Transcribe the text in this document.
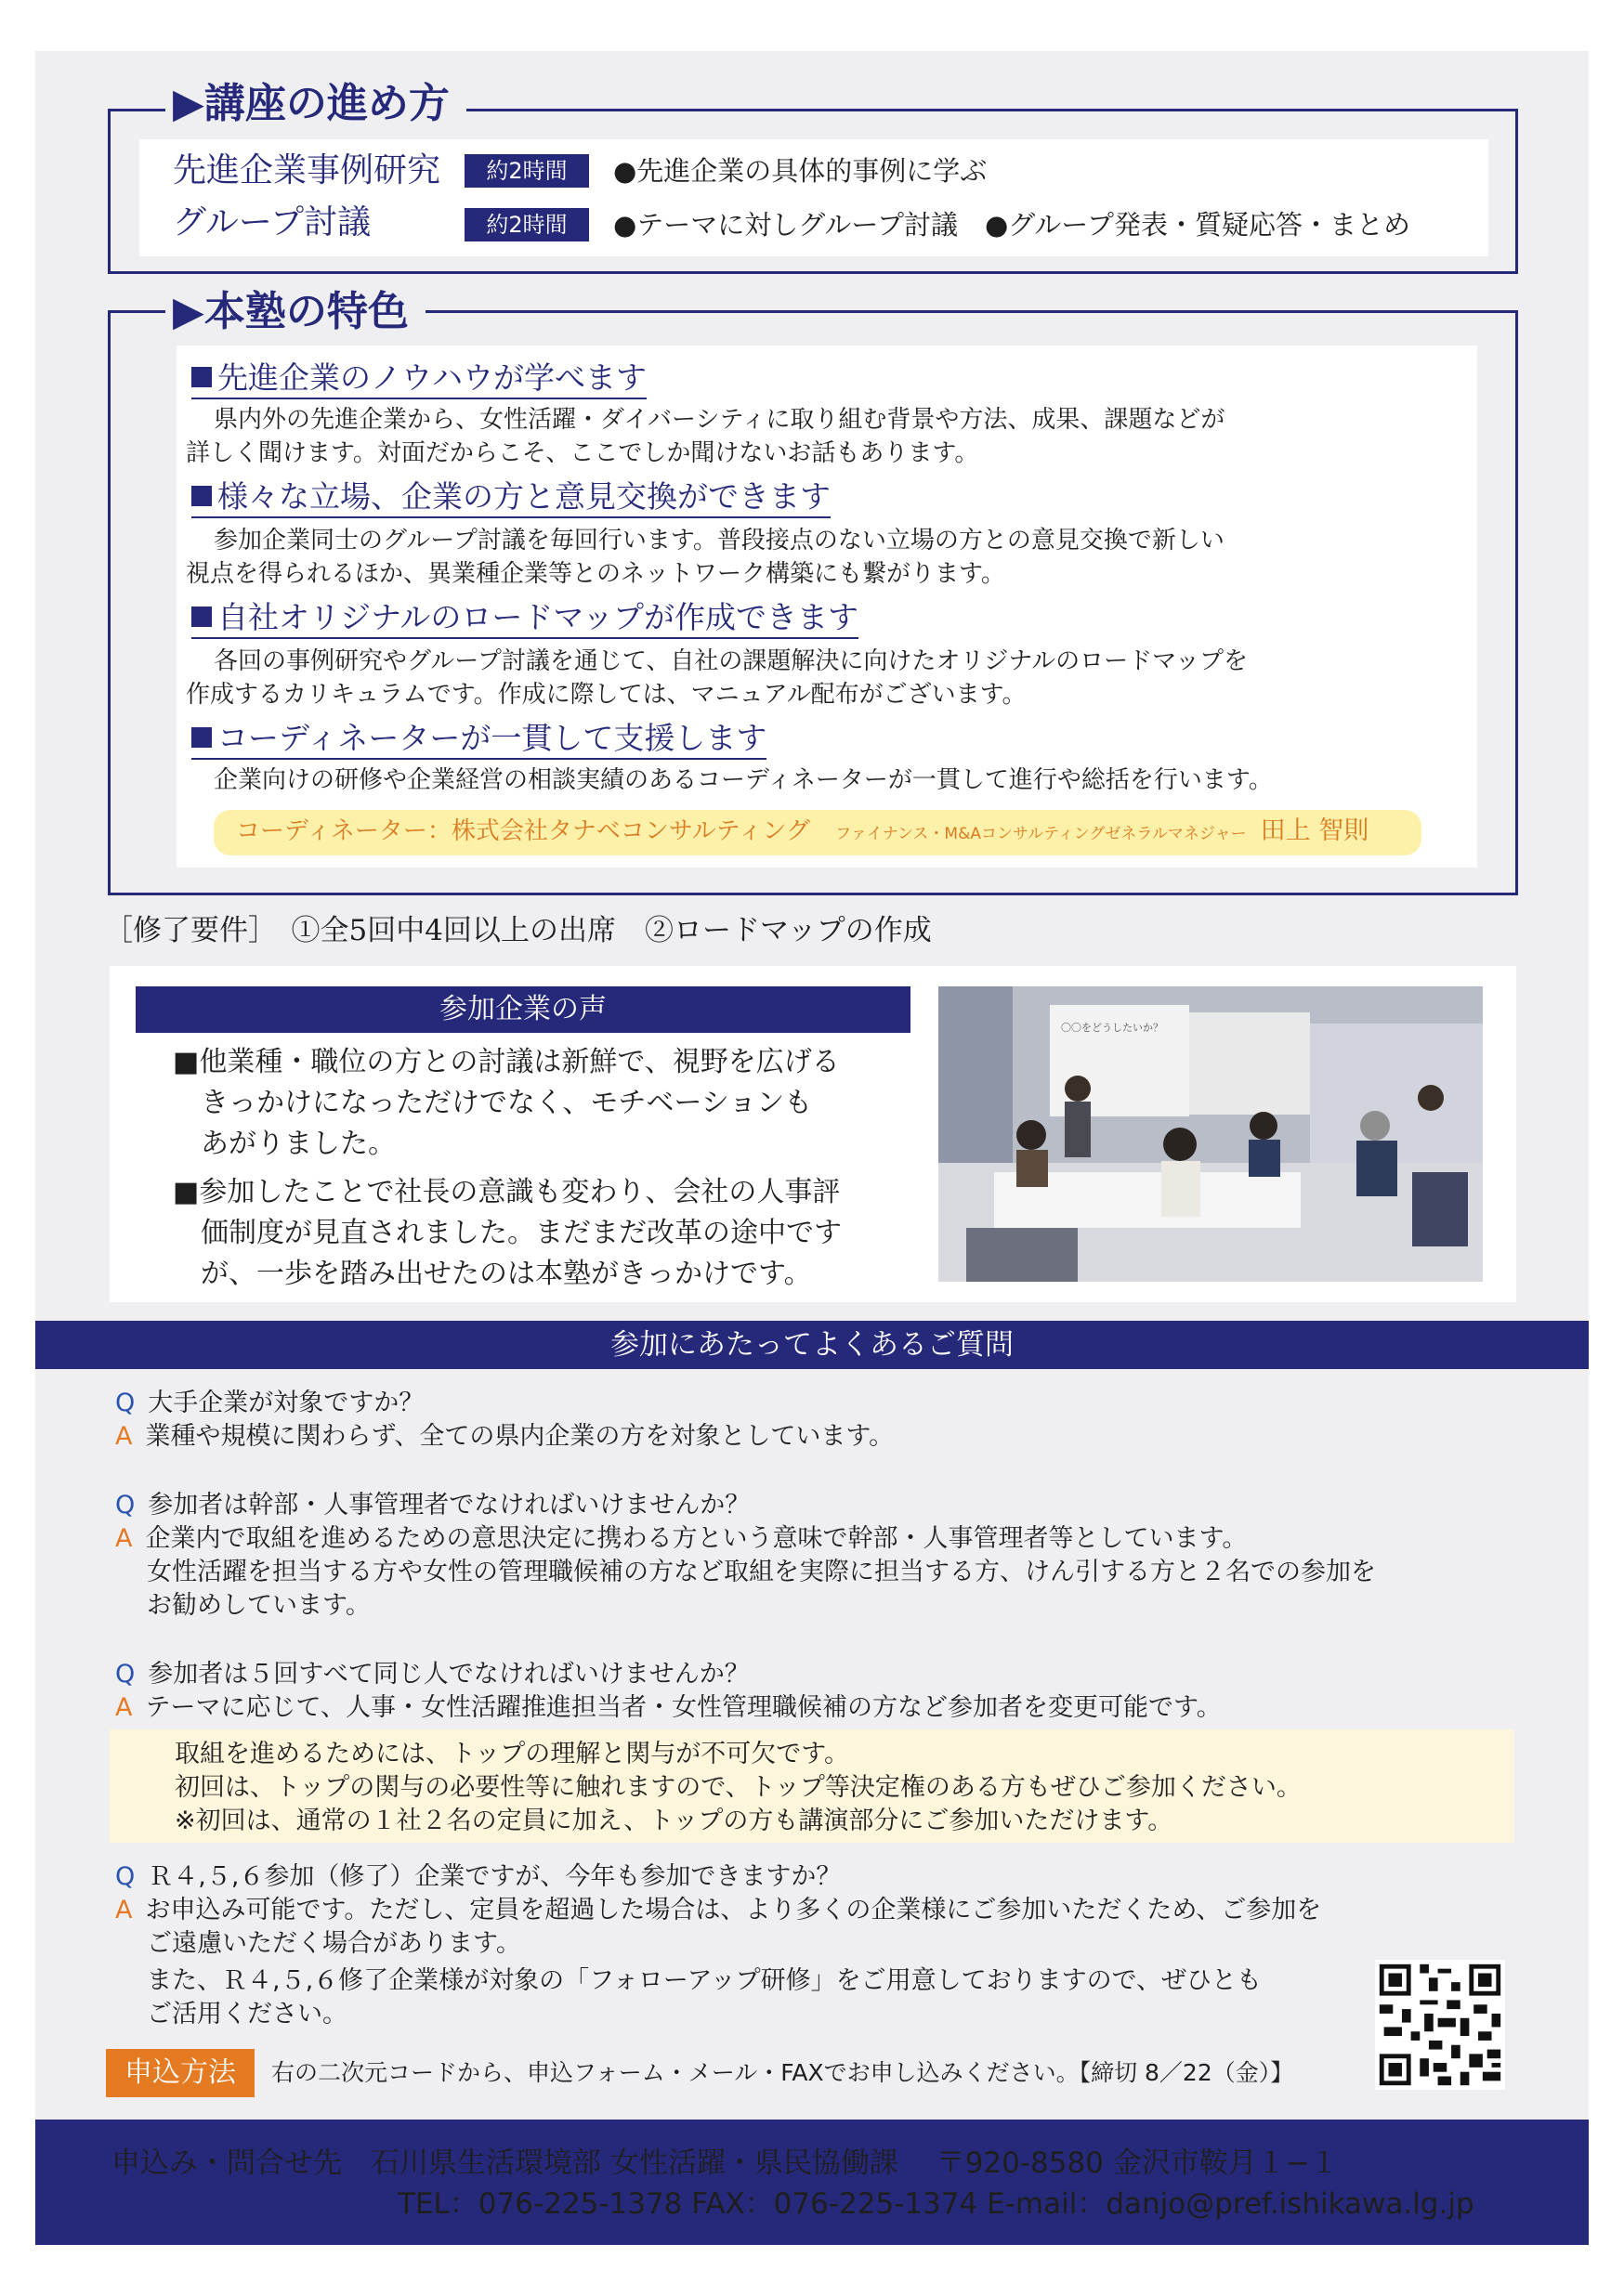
▶講座の進め方
先進企業事例研究	約2時間	●先進企業の具体的事例に学ぶ
グループ討議	約2時間	●テーマに対しグループ討議　●グループ発表・質疑応答・まとめ
▶本塾の特色
先進企業のノウハウが学べます
県内外の先進企業から、女性活躍・ダイバーシティに取り組む背景や方法、成果、課題などが
詳しく聞けます。対面だからこそ、ここでしか聞けないお話もあります。
様々な立場、企業の方と意見交換ができます
参加企業同士のグループ討議を毎回行います。普段接点のない立場の方との意見交換で新しい
視点を得られるほか、異業種企業等とのネットワーク構築にも繋がります。
自社オリジナルのロードマップが作成できます
各回の事例研究やグループ討議を通じて、自社の課題解決に向けたオリジナルのロードマップを
作成するカリキュラムです。作成に際しては、マニュアル配布がございます。
コーディネーターが一貫して支援します
企業向けの研修や企業経営の相談実績のあるコーディネーターが一貫して進行や総括を行います。
コーディネーター：株式会社タナベコンサルティング ファイナンス・M&Aコンサルティングゼネラルマネジャー 田上 智則
［修了要件］　①全5回中4回以上の出席　②ロードマップの作成
参加企業の声
■他業種・職位の方との討議は新鮮で、視野を広げる
　きっかけになっただけでなく、モチベーションも
　あがりました。
■参加したことで社長の意識も変わり、会社の人事評
　価制度が見直されました。まだまだ改革の途中です
　が、一歩を踏み出せたのは本塾がきっかけです。
〇〇をどうしたいか？
参加にあたってよくあるご質問
Q 大手企業が対象ですか？
A 業種や規模に関わらず、全ての県内企業の方を対象としています。
Q 参加者は幹部・人事管理者でなければいけませんか？
A 企業内で取組を進めるための意思決定に携わる方という意味で幹部・人事管理者等としています。
女性活躍を担当する方や女性の管理職候補の方など取組を実際に担当する方、けん引する方と２名での参加を
お勧めしています。
Q 参加者は５回すべて同じ人でなければいけませんか？
A テーマに応じて、人事・女性活躍推進担当者・女性管理職候補の方など参加者を変更可能です。
取組を進めるためには、トップの理解と関与が不可欠です。
初回は、トップの関与の必要性等に触れますので、トップ等決定権のある方もぜひご参加ください。
※初回は、通常の１社２名の定員に加え、トップの方も講演部分にご参加いただけます。
Q Ｒ４,５,６参加（修了）企業ですが、今年も参加できますか？
A お申込み可能です。ただし、定員を超過した場合は、より多くの企業様にご参加いただくため、ご参加を
ご遠慮いただく場合があります。
また、Ｒ４,５,６修了企業様が対象の「フォローアップ研修」をご用意しておりますので、ぜひとも
ご活用ください。
申込方法	右の二次元コードから、申込フォーム・メール・FAXでお申し込みください。【締切 8／22（金）】
申込み・問合せ先　石川県生活環境部 女性活躍・県民協働課　 〒920-8580 金沢市鞍月１−１
TEL：076-225-1378 FAX：076-225-1374 E-mail：danjo@pref.ishikawa.lg.jp
